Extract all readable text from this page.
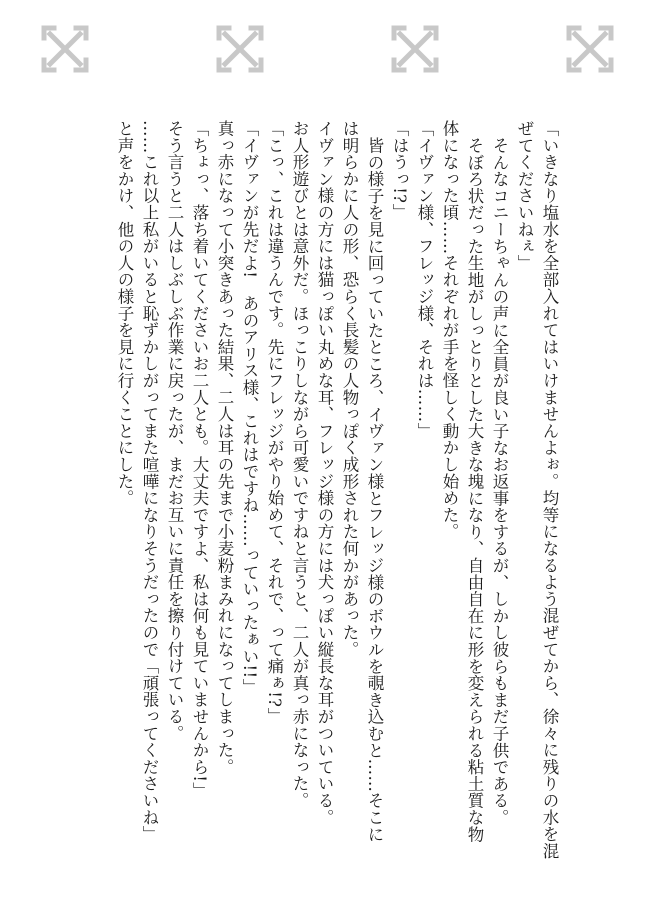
「いきなり塩水を全部入れてはいけませんよぉ。均等になるよう混ぜてから、徐々に残りの水を混
ぜてくださいねぇ」
そんなコニーちゃんの声に全員が良い子なお返事をするが、しかし彼らもまだ子供である。
そぼろ状だった生地がしっとりとした大きな塊になり、自由自在に形を変えられる粘土質な物
体になった頃……それぞれが手を怪しく動かし始めた。
「イヴァン様、フレッジ様、それは……」
「はうっ!?」
皆の様子を見に回っていたところ、イヴァン様とフレッジ様のボウルを覗き込むと……そこに
は明らかに人の形、恐らく長髪の人物っぽく成形された何かがあった。
イヴァン様の方には猫っぽい丸めな耳、フレッジ様の方には犬っぽい縦長な耳がついている。
お人形遊びとは意外だ。ほっこりしながら可愛いですねと言うと、二人が真っ赤になった。
「こっ、これは違うんです。先にフレッジがやり始めて、それで、って痛ぁ!?」
「イヴァンが先だよ!　あのアリス様、これはですね……っていったぁい!!」
真っ赤になって小突きあった結果、二人は耳の先まで小麦粉まみれになってしまった。
「ちょっ、落ち着いてくださいお二人とも。大丈夫ですよ、私は何も見ていませんから!」
そう言うと二人はしぶしぶ作業に戻ったが、まだお互いに責任を擦り付けている。
……これ以上私がいると恥ずかしがってまた喧嘩になりそうだったので「頑張ってくださいね」
と声をかけ、他の人の様子を見に行くことにした。
